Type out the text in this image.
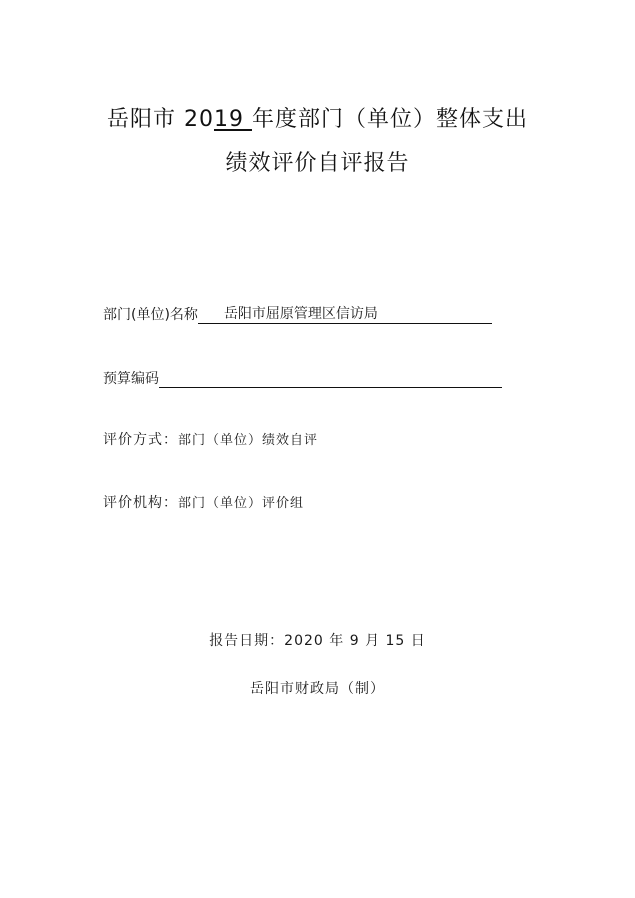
岳阳市 2019 年度部门（单位）整体支出
绩效评价自评报告
部门(单位)名称	岳阳市屈原管理区信访局
预算编码
评价方式：部门（单位）绩效自评
评价机构：部门（单位）评价组
报告日期：2020 年 9 月 15 日
岳阳市财政局（制）
